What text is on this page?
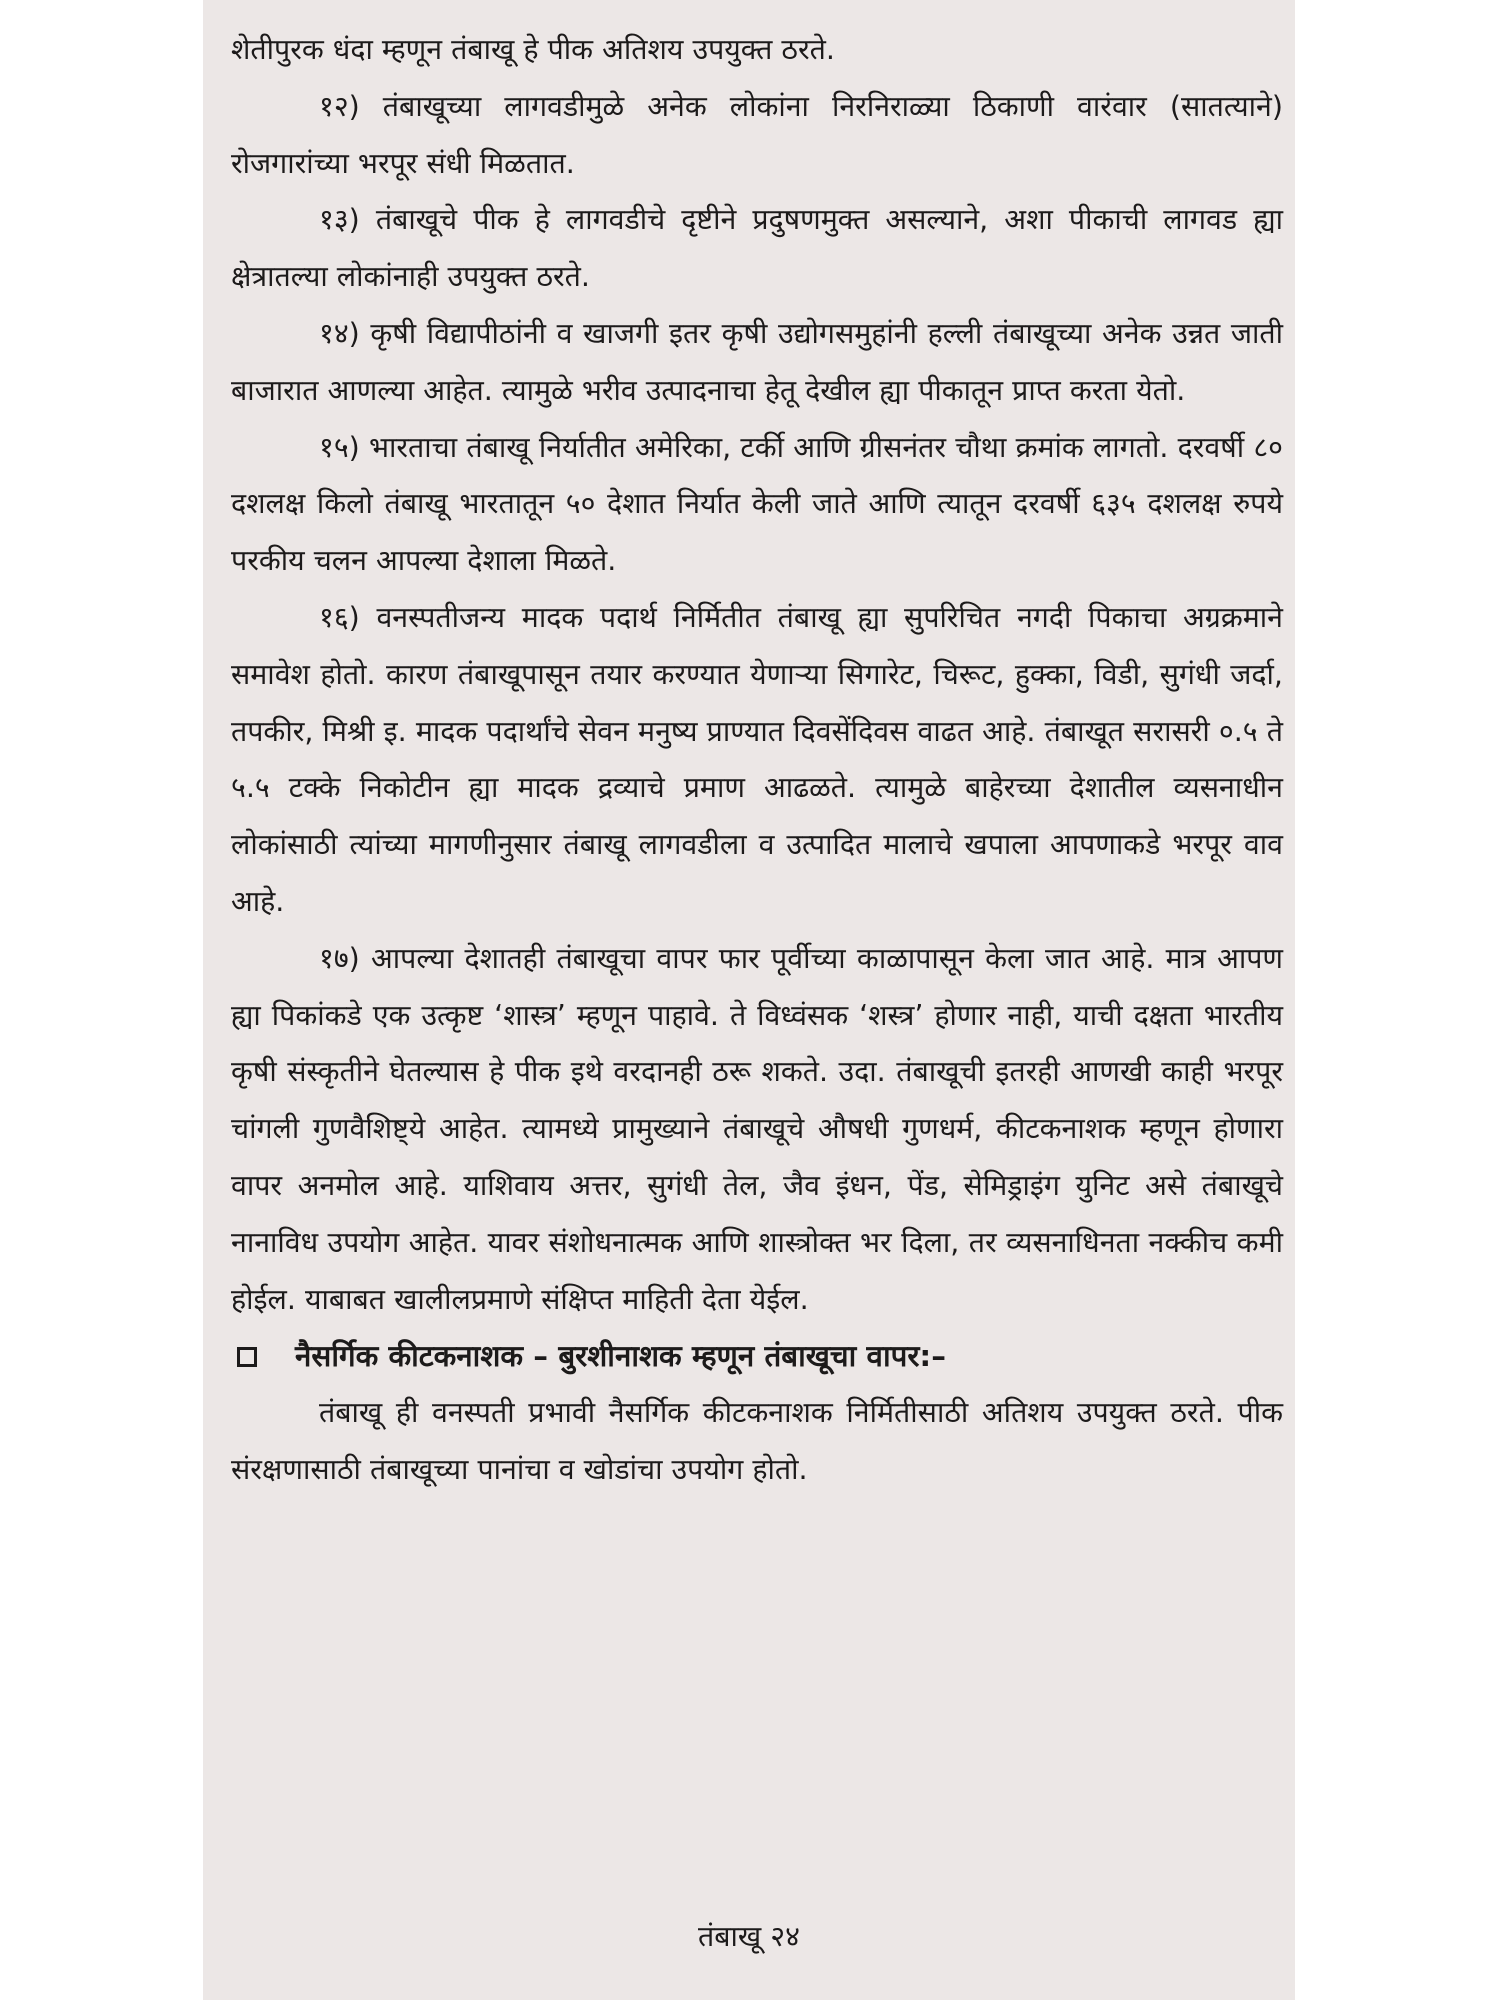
शेतीपुरक धंदा म्हणून तंबाखू हे पीक अतिशय उपयुक्त ठरते.

१२) तंबाखूच्या लागवडीमुळे अनेक लोकांना निरनिराळ्या ठिकाणी वारंवार (सातत्याने) रोजगारांच्या भरपूर संधी मिळतात.

१३) तंबाखूचे पीक हे लागवडीचे दृष्टीने प्रदुषणमुक्त असल्याने, अशा पीकाची लागवड ह्या क्षेत्रातल्या लोकांनाही उपयुक्त ठरते.

१४) कृषी विद्यापीठांनी व खाजगी इतर कृषी उद्योगसमुहांनी हल्ली तंबाखूच्या अनेक उन्नत जाती बाजारात आणल्या आहेत. त्यामुळे भरीव उत्पादनाचा हेतू देखील ह्या पीकातून प्राप्त करता येतो.

१५) भारताचा तंबाखू निर्यातीत अमेरिका, टर्की आणि ग्रीसनंतर चौथा क्रमांक लागतो. दरवर्षी ८० दशलक्ष किलो तंबाखू भारतातून ५० देशात निर्यात केली जाते आणि त्यातून दरवर्षी ६३५ दशलक्ष रुपये परकीय चलन आपल्या देशाला मिळते.

१६) वनस्पतीजन्य मादक पदार्थ निर्मितीत तंबाखू ह्या सुपरिचित नगदी पिकाचा अग्रक्रमाने समावेश होतो. कारण तंबाखूपासून तयार करण्यात येणाऱ्या सिगारेट, चिरूट, हुक्का, विडी, सुगंधी जर्दा, तपकीर, मिश्री इ. मादक पदार्थांचे सेवन मनुष्य प्राण्यात दिवसेंदिवस वाढत आहे. तंबाखूत सरासरी ०.५ ते ५.५ टक्के निकोटीन ह्या मादक द्रव्याचे प्रमाण आढळते. त्यामुळे बाहेरच्या देशातील व्यसनाधीन लोकांसाठी त्यांच्या मागणीनुसार तंबाखू लागवडीला व उत्पादित मालाचे खपाला आपणाकडे भरपूर वाव आहे.

१७) आपल्या देशातही तंबाखूचा वापर फार पूर्वीच्या काळापासून केला जात आहे. मात्र आपण ह्या पिकांकडे एक उत्कृष्ट ‘शास्त्र’ म्हणून पाहावे. ते विध्वंसक ‘शस्त्र’ होणार नाही, याची दक्षता भारतीय कृषी संस्कृतीने घेतल्यास हे पीक इथे वरदानही ठरू शकते. उदा. तंबाखूची इतरही आणखी काही भरपूर चांगली गुणवैशिष्ट्ये आहेत. त्यामध्ये प्रामुख्याने तंबाखूचे औषधी गुणधर्म, कीटकनाशक म्हणून होणारा वापर अनमोल आहे. याशिवाय अत्तर, सुगंधी तेल, जैव इंधन, पेंड, सेमिड्राइंग युनिट असे तंबाखूचे नानाविध उपयोग आहेत. यावर संशोधनात्मक आणि शास्त्रोक्त भर दिला, तर व्यसनाधिनता नक्कीच कमी होईल. याबाबत खालीलप्रमाणे संक्षिप्त माहिती देता येईल.

नैसर्गिक कीटकनाशक – बुरशीनाशक म्हणून तंबाखूचा वापर:–

तंबाखू ही वनस्पती प्रभावी नैसर्गिक कीटकनाशक निर्मितीसाठी अतिशय उपयुक्त ठरते. पीक संरक्षणासाठी तंबाखूच्या पानांचा व खोडांचा उपयोग होतो.

तंबाखू २४
